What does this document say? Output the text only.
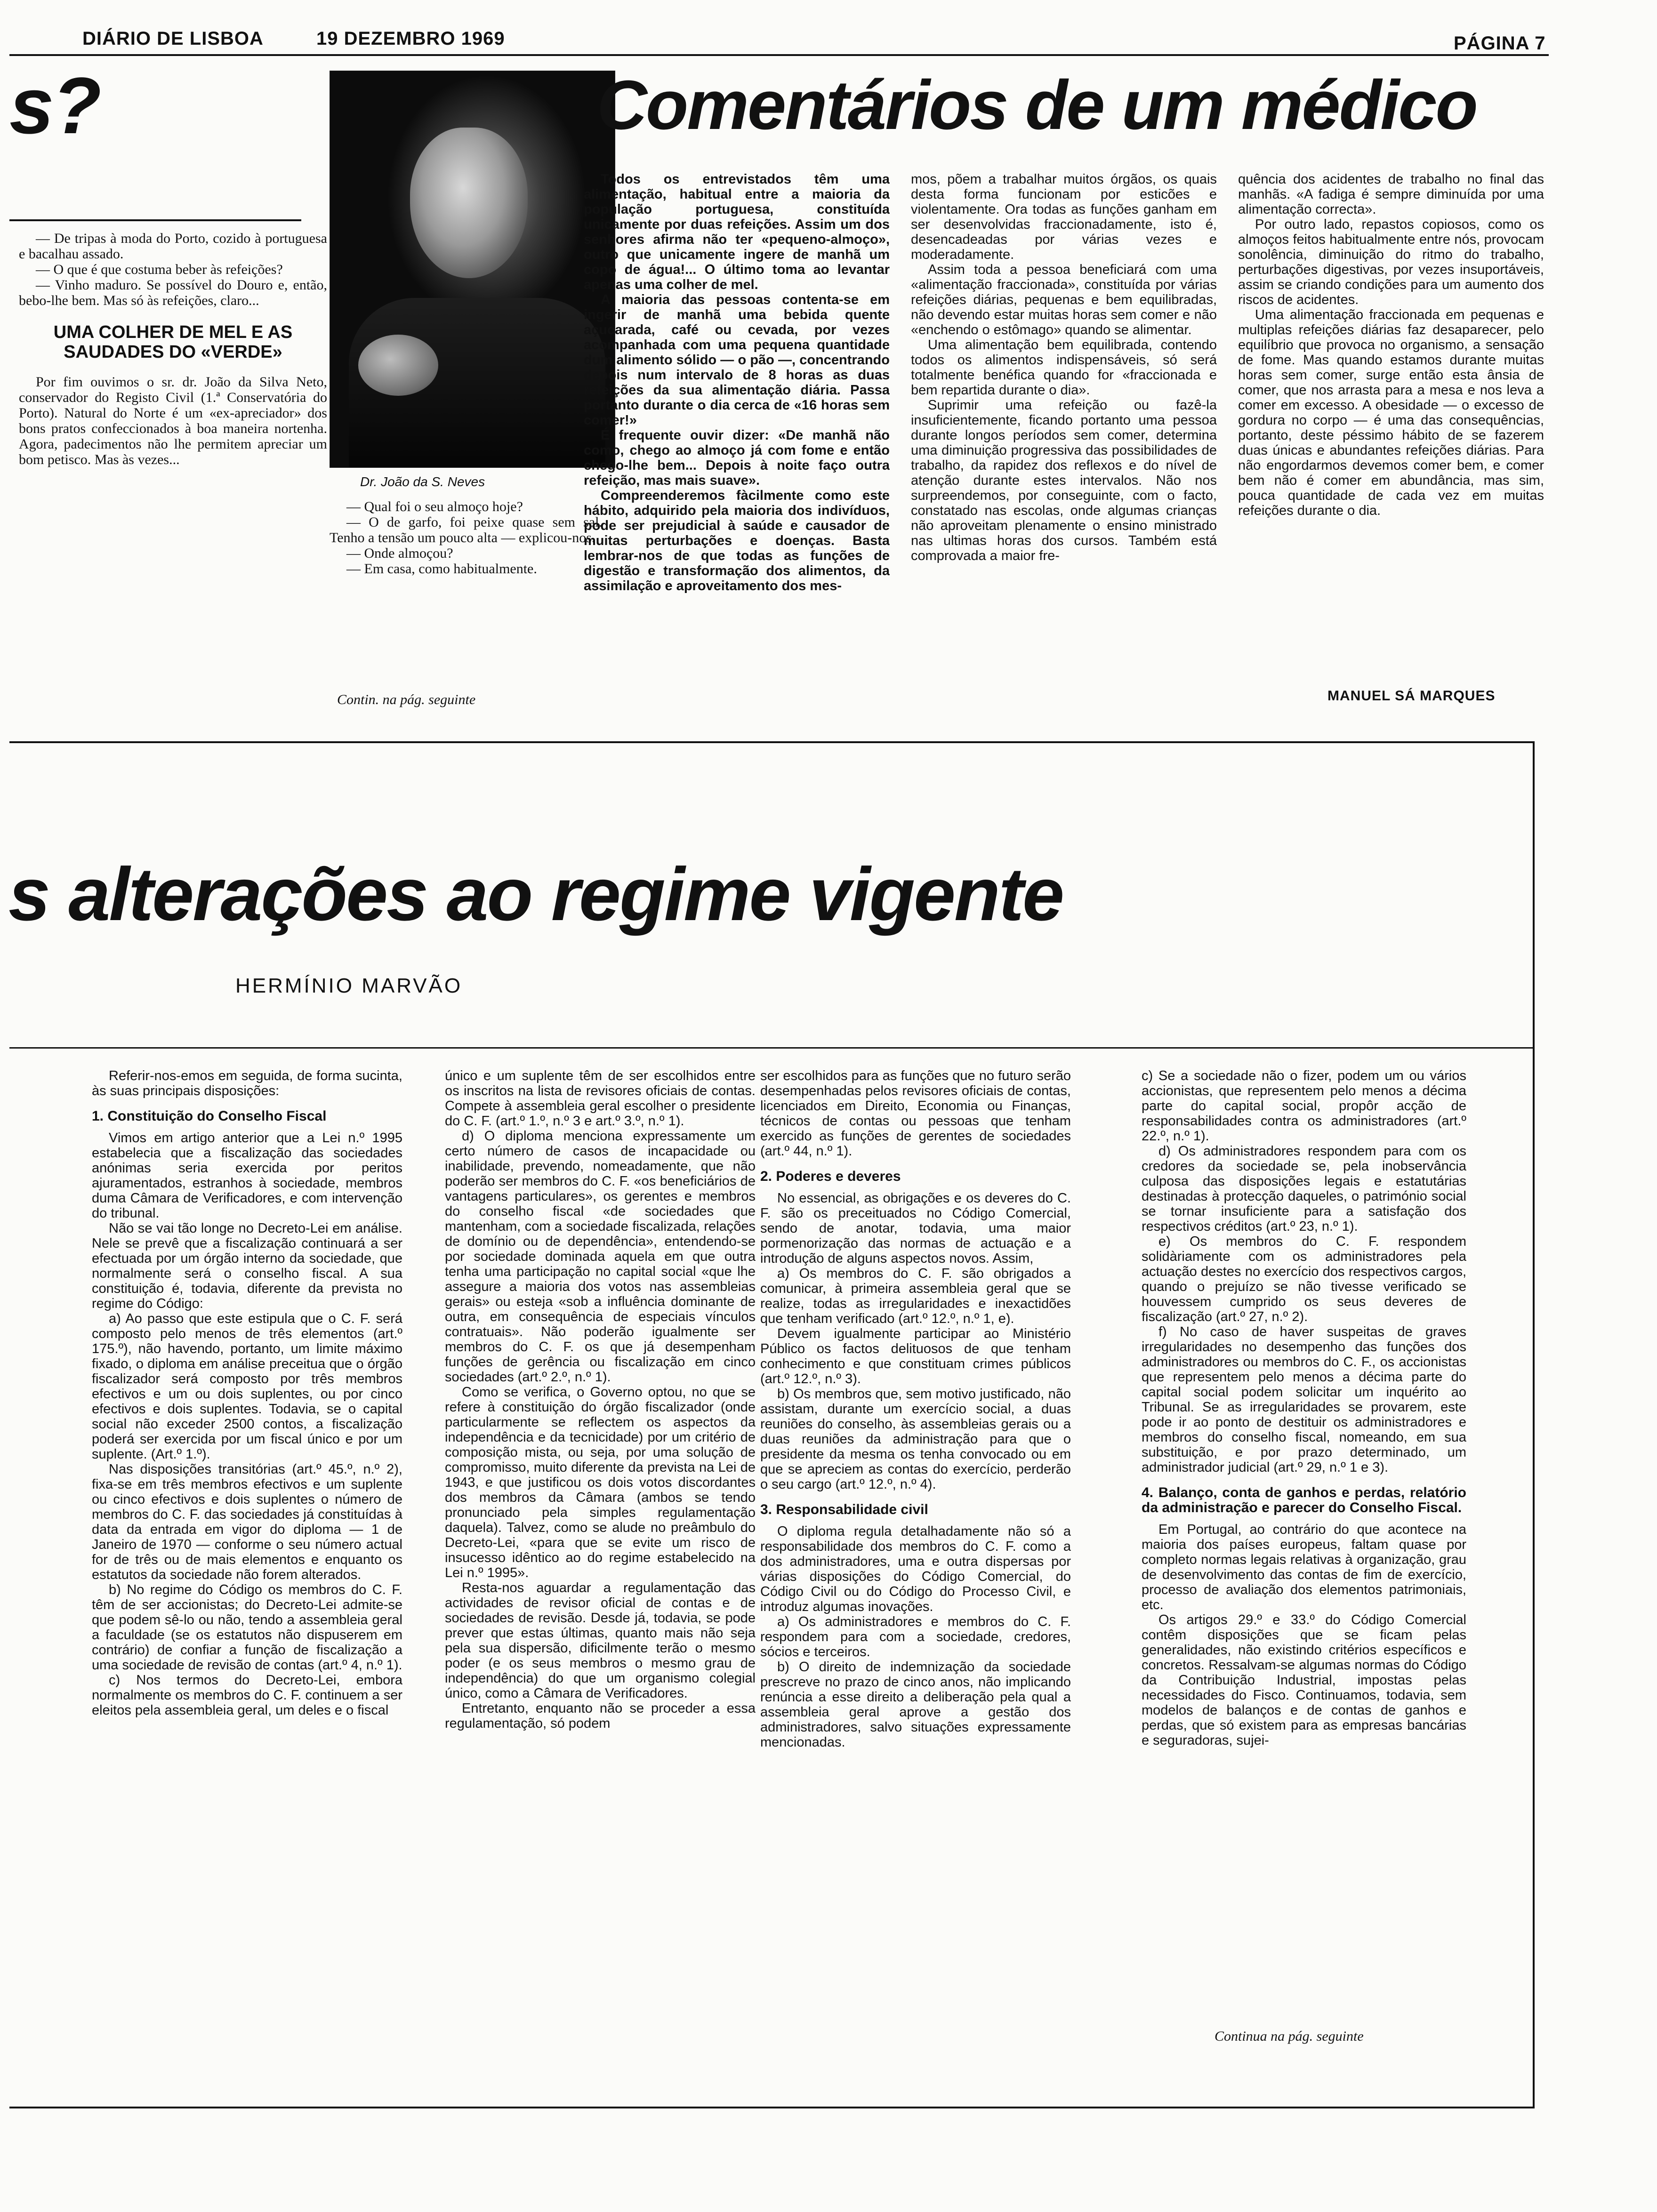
DIÁRIO DE LISBOA	19 DEZEMBRO 1969	PÁGINA 7
s?

— De tripas à moda do Porto, cozido à portuguesa e bacalhau assado.

— O que é que costuma beber às refeições?

— Vinho maduro. Se possível do Douro e, então, bebo-lhe bem. Mas só às refeições, claro...

UMA COLHER DE MEL E AS SAUDADES DO «VERDE»

Por fim ouvimos o sr. dr. João da Silva Neto, conservador do Registo Civil (1.ª Conservatória do Porto). Natural do Norte é um «ex-apreciador» dos bons pratos confeccionados à boa maneira nortenha. Agora, padecimentos não lhe permitem apreciar um bom petisco. Mas às vezes...

Dr. João da S. Neves

— Qual foi o seu almoço hoje?

— O de garfo, foi peixe quase sem sal. Tenho a tensão um pouco alta — explicou-nos.

— Onde almoçou?

— Em casa, como habitualmente.

Contin. na pág. seguinte
Comentários de um médico

Todos os entrevistados têm uma alimentação, habitual entre a maioria da população portuguesa, constituída unicamente por duas refeições. Assim um dos senhores afirma não ter «pequeno-almoço», outro que unicamente ingere de manhã um copo de água!... O último toma ao levantar apenas uma colher de mel.

A maioria das pessoas contenta-se em ingerir de manhã uma bebida quente açucarada, café ou cevada, por vezes acompanhada com uma pequena quantidade dum alimento sólido — o pão —, concentrando depois num intervalo de 8 horas as duas refeições da sua alimentação diária. Passa portanto durante o dia cerca de «16 horas sem comer!»

É frequente ouvir dizer: «De manhã não como, chego ao almoço já com fome e então chego-lhe bem... Depois à noite faço outra refeição, mas mais suave».

Compreenderemos fàcilmente como este hábito, adquirido pela maioria dos indivíduos, pode ser prejudicial à saúde e causador de muitas perturbações e doenças. Basta lembrar-nos de que todas as funções de digestão e transformação dos alimentos, da assimilação e aproveitamento dos mes-

mos, põem a trabalhar muitos órgãos, os quais desta forma funcionam por esticões e violentamente. Ora todas as funções ganham em ser desenvolvidas fraccionadamente, isto é, desencadeadas por várias vezes e moderadamente.

Assim toda a pessoa beneficiará com uma «alimentação fraccionada», constituída por várias refeições diárias, pequenas e bem equilibradas, não devendo estar muitas horas sem comer e não «enchendo o estômago» quando se alimentar.

Uma alimentação bem equilibrada, contendo todos os alimentos indispensáveis, só será totalmente benéfica quando for «fraccionada e bem repartida durante o dia».

Suprimir uma refeição ou fazê-la insuficientemente, ficando portanto uma pessoa durante longos períodos sem comer, determina uma diminuição progressiva das possibilidades de trabalho, da rapidez dos reflexos e do nível de atenção durante estes intervalos. Não nos surpreendemos, por conseguinte, com o facto, constatado nas escolas, onde algumas crianças não aproveitam plenamente o ensino ministrado nas ultimas horas dos cursos. Também está comprovada a maior fre-

quência dos acidentes de trabalho no final das manhãs. «A fadiga é sempre diminuída por uma alimentação correcta».

Por outro lado, repastos copiosos, como os almoços feitos habitualmente entre nós, provocam sonolência, diminuição do ritmo do trabalho, perturbações digestivas, por vezes insuportáveis, assim se criando condições para um aumento dos riscos de acidentes.

Uma alimentação fraccionada em pequenas e multiplas refeições diárias faz desaparecer, pelo equilíbrio que provoca no organismo, a sensação de fome. Mas quando estamos durante muitas horas sem comer, surge então esta ânsia de comer, que nos arrasta para a mesa e nos leva a comer em excesso. A obesidade — o excesso de gordura no corpo — é uma das consequências, portanto, deste péssimo hábito de se fazerem duas únicas e abundantes refeições diárias. Para não engordarmos devemos comer bem, e comer bem não é comer em abundância, mas sim, pouca quantidade de cada vez em muitas refeições durante o dia.

MANUEL SÁ MARQUES
s alterações ao regime vigente
HERMÍNIO MARVÃO

Referir-nos-emos em seguida, de forma sucinta, às suas principais disposições:

1. Constituição do Conselho Fiscal

Vimos em artigo anterior que a Lei n.º 1995 estabelecia que a fiscalização das sociedades anónimas seria exercida por peritos ajuramentados, estranhos à sociedade, membros duma Câmara de Verificadores, e com intervenção do tribunal.

Não se vai tão longe no Decreto-Lei em análise. Nele se prevê que a fiscalização continuará a ser efectuada por um órgão interno da sociedade, que normalmente será o conselho fiscal. A sua constituição é, todavia, diferente da prevista no regime do Código:

a) Ao passo que este estipula que o C. F. será composto pelo menos de três elementos (art.º 175.º), não havendo, portanto, um limite máximo fixado, o diploma em análise preceitua que o órgão fiscalizador será composto por três membros efectivos e um ou dois suplentes, ou por cinco efectivos e dois suplentes. Todavia, se o capital social não exceder 2500 contos, a fiscalização poderá ser exercida por um fiscal único e por um suplente. (Art.º 1.º).

Nas disposições transitórias (art.º 45.º, n.º 2), fixa-se em três membros efectivos e um suplente ou cinco efectivos e dois suplentes o número de membros do C. F. das sociedades já constituídas à data da entrada em vigor do diploma — 1 de Janeiro de 1970 — conforme o seu número actual for de três ou de mais elementos e enquanto os estatutos da sociedade não forem alterados.

b) No regime do Código os membros do C. F. têm de ser accionistas; do Decreto-Lei admite-se que podem sê-lo ou não, tendo a assembleia geral a faculdade (se os estatutos não dispuserem em contrário) de confiar a função de fiscalização a uma sociedade de revisão de contas (art.º 4, n.º 1).

c) Nos termos do Decreto-Lei, embora normalmente os membros do C. F. continuem a ser eleitos pela assembleia geral, um deles e o fiscal

único e um suplente têm de ser escolhidos entre os inscritos na lista de revisores oficiais de contas. Compete à assembleia geral escolher o presidente do C. F. (art.º 1.º, n.º 3 e art.º 3.º, n.º 1).

d) O diploma menciona expressamente um certo número de casos de incapacidade ou inabilidade, prevendo, nomeadamente, que não poderão ser membros do C. F. «os beneficiários de vantagens particulares», os gerentes e membros do conselho fiscal «de sociedades que mantenham, com a sociedade fiscalizada, relações de domínio ou de dependência», entendendo-se por sociedade dominada aquela em que outra tenha uma participação no capital social «que lhe assegure a maioria dos votos nas assembleias gerais» ou esteja «sob a influência dominante de outra, em consequência de especiais vínculos contratuais». Não poderão igualmente ser membros do C. F. os que já desempenham funções de gerência ou fiscalização em cinco sociedades (art.º 2.º, n.º 1).

Como se verifica, o Governo optou, no que se refere à constituição do órgão fiscalizador (onde particularmente se reflectem os aspectos da independência e da tecnicidade) por um critério de composição mista, ou seja, por uma solução de compromisso, muito diferente da prevista na Lei de 1943, e que justificou os dois votos discordantes dos membros da Câmara (ambos se tendo pronunciado pela simples regulamentação daquela). Talvez, como se alude no preâmbulo do Decreto-Lei, «para que se evite um risco de insucesso idêntico ao do regime estabelecido na Lei n.º 1995».

Resta-nos aguardar a regulamentação das actividades de revisor oficial de contas e de sociedades de revisão. Desde já, todavia, se pode prever que estas últimas, quanto mais não seja pela sua dispersão, dificilmente terão o mesmo poder (e os seus membros o mesmo grau de independência) do que um organismo colegial único, como a Câmara de Verificadores.

Entretanto, enquanto não se proceder a essa regulamentação, só podem

ser escolhidos para as funções que no futuro serão desempenhadas pelos revisores oficiais de contas, licenciados em Direito, Economia ou Finanças, técnicos de contas ou pessoas que tenham exercido as funções de gerentes de sociedades (art.º 44, n.º 1).

2. Poderes e deveres

No essencial, as obrigações e os deveres do C. F. são os preceituados no Código Comercial, sendo de anotar, todavia, uma maior pormenorização das normas de actuação e a introdução de alguns aspectos novos. Assim,

a) Os membros do C. F. são obrigados a comunicar, à primeira assembleia geral que se realize, todas as irregularidades e inexactidões que tenham verificado (art.º 12.º, n.º 1, e).

Devem igualmente participar ao Ministério Público os factos delituosos de que tenham conhecimento e que constituam crimes públicos (art.º 12.º, n.º 3).

b) Os membros que, sem motivo justificado, não assistam, durante um exercício social, a duas reuniões do conselho, às assembleias gerais ou a duas reuniões da administração para que o presidente da mesma os tenha convocado ou em que se apreciem as contas do exercício, perderão o seu cargo (art.º 12.º, n.º 4).

3. Responsabilidade civil

O diploma regula detalhadamente não só a responsabilidade dos membros do C. F. como a dos administradores, uma e outra dispersas por várias disposições do Código Comercial, do Código Civil ou do Código do Processo Civil, e introduz algumas inovações.

a) Os administradores e membros do C. F. respondem para com a sociedade, credores, sócios e terceiros.

b) O direito de indemnização da sociedade prescreve no prazo de cinco anos, não implicando renúncia a esse direito a deliberação pela qual a assembleia geral aprove a gestão dos administradores, salvo situações expressamente mencionadas.

c) Se a sociedade não o fizer, podem um ou vários accionistas, que representem pelo menos a décima parte do capital social, propôr acção de responsabilidades contra os administradores (art.º 22.º, n.º 1).

d) Os administradores respondem para com os credores da sociedade se, pela inobservância culposa das disposições legais e estatutárias destinadas à protecção daqueles, o património social se tornar insuficiente para a satisfação dos respectivos créditos (art.º 23, n.º 1).

e) Os membros do C. F. respondem solidàriamente com os administradores pela actuação destes no exercício dos respectivos cargos, quando o prejuízo se não tivesse verificado se houvessem cumprido os seus deveres de fiscalização (art.º 27, n.º 2).

f) No caso de haver suspeitas de graves irregularidades no desempenho das funções dos administradores ou membros do C. F., os accionistas que representem pelo menos a décima parte do capital social podem solicitar um inquérito ao Tribunal. Se as irregularidades se provarem, este pode ir ao ponto de destituir os administradores e membros do conselho fiscal, nomeando, em sua substituição, e por prazo determinado, um administrador judicial (art.º 29, n.º 1 e 3).

4. Balanço, conta de ganhos e perdas, relatório da administração e parecer do Conselho Fiscal.

Em Portugal, ao contrário do que acontece na maioria dos países europeus, faltam quase por completo normas legais relativas à organização, grau de desenvolvimento das contas de fim de exercício, processo de avaliação dos elementos patrimoniais, etc.

Os artigos 29.º e 33.º do Código Comercial contêm disposições que se ficam pelas generalidades, não existindo critérios específicos e concretos. Ressalvam-se algumas normas do Código da Contribuição Industrial, impostas pelas necessidades do Fisco. Continuamos, todavia, sem modelos de balanços e de contas de ganhos e perdas, que só existem para as empresas bancárias e seguradoras, sujei-

Continua na pág. seguinte
